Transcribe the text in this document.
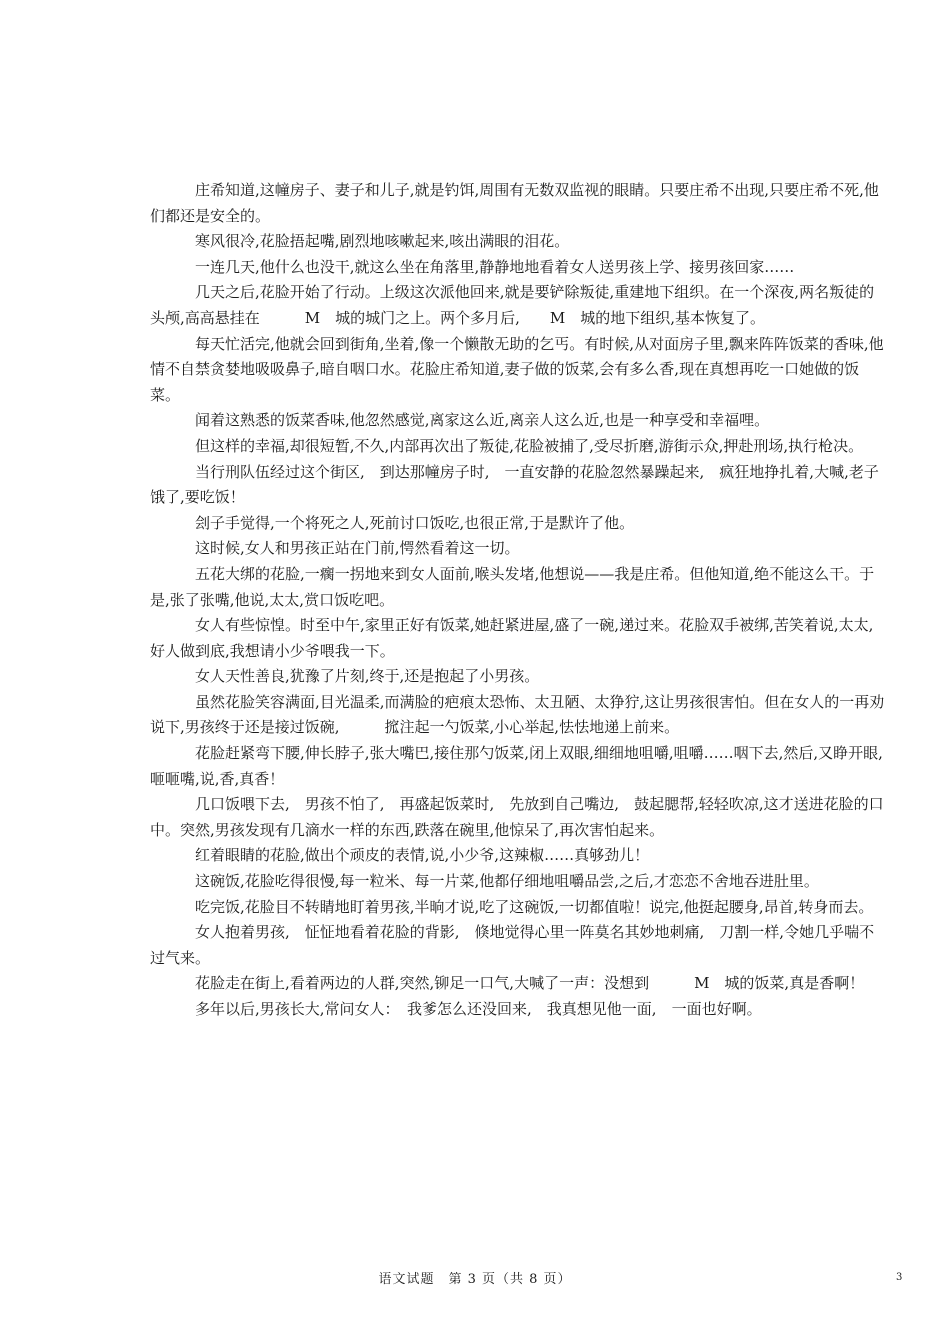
庄希知道,这幢房子、妻子和儿子,就是钓饵,周围有无数双监视的眼睛。只要庄希不出现,只要庄希不死,他们都还是安全的。

寒风很冷,花脸捂起嘴,剧烈地咳嗽起来,咳出满眼的泪花。

一连几天,他什么也没干,就这么坐在角落里,静静地地看着女人送男孩上学、接男孩回家……

几天之后,花脸开始了行动。上级这次派他回来,就是要铲除叛徒,重建地下组织。在一个深夜,两名叛徒的头颅,高高悬挂在　　　M　城的城门之上。两个多月后,　　M　城的地下组织,基本恢复了。

每天忙活完,他就会回到街角,坐着,像一个懒散无助的乞丐。有时候,从对面房子里,飘来阵阵饭菜的香味,他情不自禁贪婪地吸吸鼻子,暗自咽口水。花脸庄希知道,妻子做的饭菜,会有多么香,现在真想再吃一口她做的饭菜。

闻着这熟悉的饭菜香味,他忽然感觉,离家这么近,离亲人这么近,也是一种享受和幸福哩。

但这样的幸福,却很短暂,不久,内部再次出了叛徒,花脸被捕了,受尽折磨,游街示众,押赴刑场,执行枪决。

当行刑队伍经过这个街区,　到达那幢房子时,　一直安静的花脸忽然暴躁起来,　疯狂地挣扎着,大喊,老子饿了,要吃饭！

刽子手觉得,一个将死之人,死前讨口饭吃,也很正常,于是默许了他。

这时候,女人和男孩正站在门前,愕然看着这一切。

五花大绑的花脸,一瘸一拐地来到女人面前,喉头发堵,他想说——我是庄希。但他知道,绝不能这么干。于是,张了张嘴,他说,太太,赏口饭吃吧。

女人有些惊惶。时至中午,家里正好有饭菜,她赶紧进屋,盛了一碗,递过来。花脸双手被绑,苦笑着说,太太,好人做到底,我想请小少爷喂我一下。

女人天性善良,犹豫了片刻,终于,还是抱起了小男孩。

虽然花脸笑容满面,目光温柔,而满脸的疤痕太恐怖、太丑陋、太狰狞,这让男孩很害怕。但在女人的一再劝说下,男孩终于还是接过饭碗,　　　搲注起一勺饭菜,小心举起,怯怯地递上前来。

花脸赶紧弯下腰,伸长脖子,张大嘴巴,接住那勺饭菜,闭上双眼,细细地咀嚼,咀嚼……咽下去,然后,又睁开眼,咂咂嘴,说,香,真香！

几口饭喂下去,　男孩不怕了,　再盛起饭菜时,　先放到自己嘴边,　鼓起腮帮,轻轻吹凉,这才送进花脸的口中。突然,男孩发现有几滴水一样的东西,跌落在碗里,他惊呆了,再次害怕起来。

红着眼睛的花脸,做出个顽皮的表情,说,小少爷,这辣椒……真够劲儿！

这碗饭,花脸吃得很慢,每一粒米、每一片菜,他都仔细地咀嚼品尝,之后,才恋恋不舍地吞进肚里。

吃完饭,花脸目不转睛地盯着男孩,半晌才说,吃了这碗饭,一切都值啦！说完,他挺起腰身,昂首,转身而去。

女人抱着男孩,　怔怔地看着花脸的背影,　倏地觉得心里一阵莫名其妙地刺痛,　刀割一样,令她几乎喘不过气来。

花脸走在街上,看着两边的人群,突然,铆足一口气,大喊了一声：没想到　　　M　城的饭菜,真是香啊！

多年以后,男孩长大,常问女人：　我爹怎么还没回来,　我真想见他一面,　一面也好啊。

语文试题　第 3 页（共 8 页）	3
